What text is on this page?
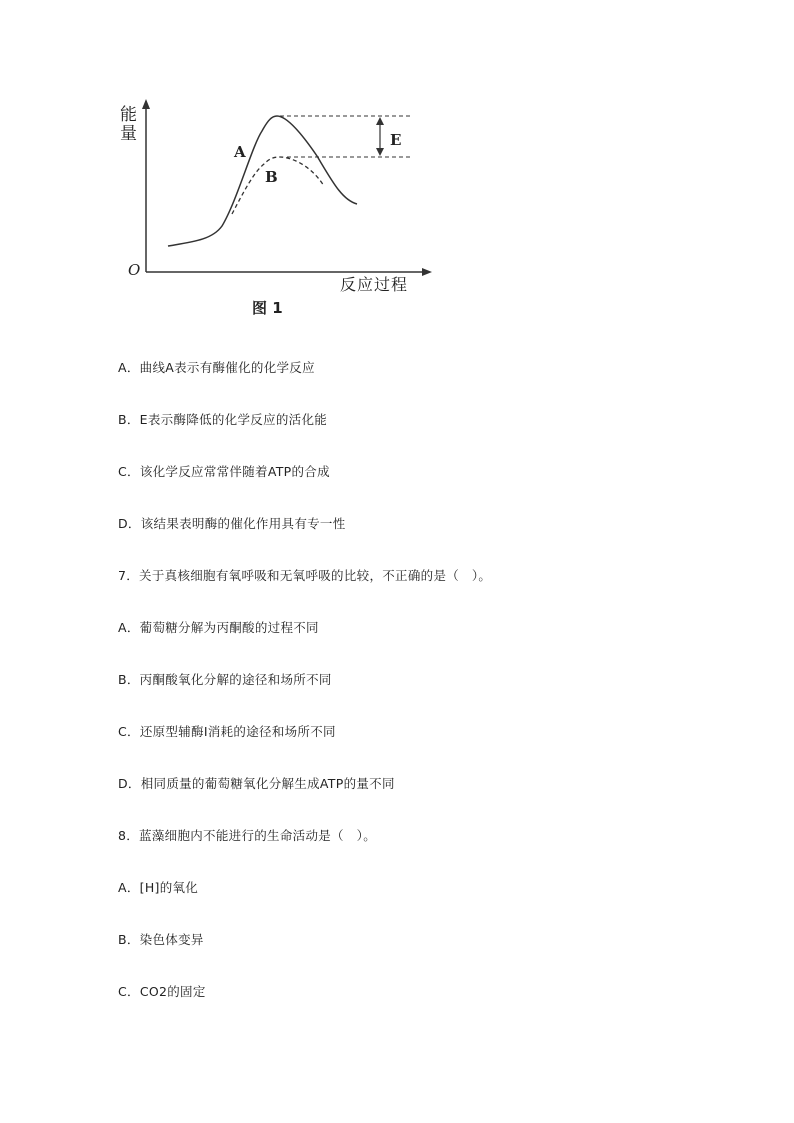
能量
A
B
E
O
反应过程
图 1
A．曲线A表示有酶催化的化学反应
B．E表示酶降低的化学反应的活化能
C．该化学反应常常伴随着ATP的合成
D．该结果表明酶的催化作用具有专一性
7．关于真核细胞有氧呼吸和无氧呼吸的比较，不正确的是（　）。
A．葡萄糖分解为丙酮酸的过程不同
B．丙酮酸氧化分解的途径和场所不同
C．还原型辅酶Ⅰ消耗的途径和场所不同
D．相同质量的葡萄糖氧化分解生成ATP的量不同
8．蓝藻细胞内不能进行的生命活动是（　）。
A．[H]的氧化
B．染色体变异
C．CO2的固定
